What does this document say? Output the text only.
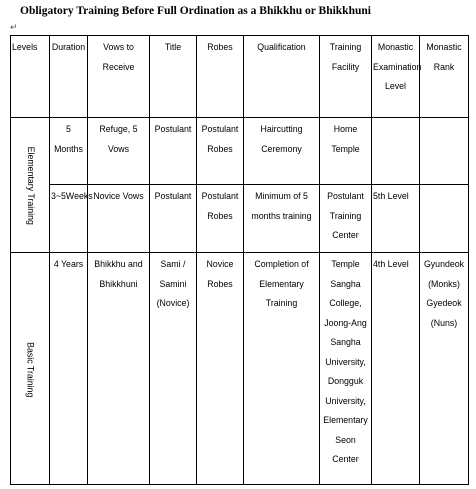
Obligatory Training Before Full Ordination as a Bhikkhu or Bhikkhuni
↵
Levels	Duration	Vows to Receive	Title	Robes	Qualification	Training Facility	Monastic Examination Level	Monastic Rank

Elementary Training	5 Months	Refuge, 5 Vows	Postulant	Postulant Robes	Haircutting Ceremony	Home Temple		
	3~5Weeks	Novice Vows	Postulant	Postulant Robes	Minimum of 5 months training	Postulant Training Center	5th Level	

Basic Training	4 Years	Bhikkhu and Bhikkhuni	Sami / Samini (Novice)	Novice Robes	Completion of Elementary Training	Temple Sangha College, Joong-Ang Sangha University, Dongguk University, Elementary Seon Center	4th Level	Gyundeok (Monks) Gyedeok (Nuns)
